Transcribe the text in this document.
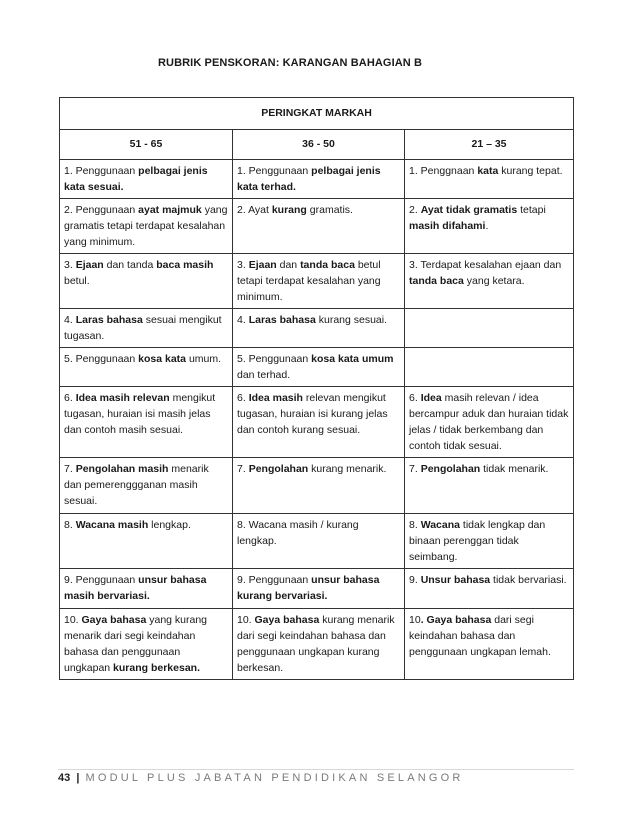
RUBRIK PENSKORAN: KARANGAN BAHAGIAN B
PERINGKAT MARKAH		
51 - 65	36 - 50	21 – 35
1. Penggunaan pelbagai jenis kata sesuai.	1. Penggunaan pelbagai jenis kata terhad.	1. Penggnaan kata kurang tepat.
2. Penggunaan ayat majmuk yang gramatis tetapi terdapat kesalahan yang minimum.	2. Ayat kurang gramatis.	2. Ayat tidak gramatis tetapi masih difahami.
3. Ejaan dan tanda baca masih betul.	3. Ejaan dan tanda baca betul tetapi terdapat kesalahan yang minimum.	3. Terdapat kesalahan ejaan dan tanda baca yang ketara.
4. Laras bahasa sesuai mengikut tugasan.	4. Laras bahasa kurang sesuai.	
5. Penggunaan kosa kata umum.	5. Penggunaan kosa kata umum dan terhad.	
6. Idea masih relevan mengikut tugasan, huraian isi masih jelas dan contoh masih sesuai.	6. Idea masih relevan mengikut tugasan, huraian isi kurang jelas dan contoh kurang sesuai.	6. Idea masih relevan / idea bercampur aduk dan huraian tidak jelas / tidak berkembang dan contoh tidak sesuai.
7. Pengolahan masih menarik dan pemerenggganan masih sesuai.	7. Pengolahan kurang menarik.	7. Pengolahan tidak menarik.
8. Wacana masih lengkap.	8. Wacana masih / kurang lengkap.	8. Wacana tidak lengkap dan binaan perenggan tidak seimbang.
9. Penggunaan unsur bahasa masih bervariasi.	9. Penggunaan unsur bahasa kurang bervariasi.	9. Unsur bahasa tidak bervariasi.
10. Gaya bahasa yang kurang menarik dari segi keindahan bahasa dan penggunaan ungkapan kurang berkesan.	10. Gaya bahasa kurang menarik dari segi keindahan bahasa dan penggunaan ungkapan kurang berkesan.	10. Gaya bahasa dari segi keindahan bahasa dan penggunaan ungkapan lemah.
43 | MODUL PLUS JABATAN PENDIDIKAN SELANGOR
